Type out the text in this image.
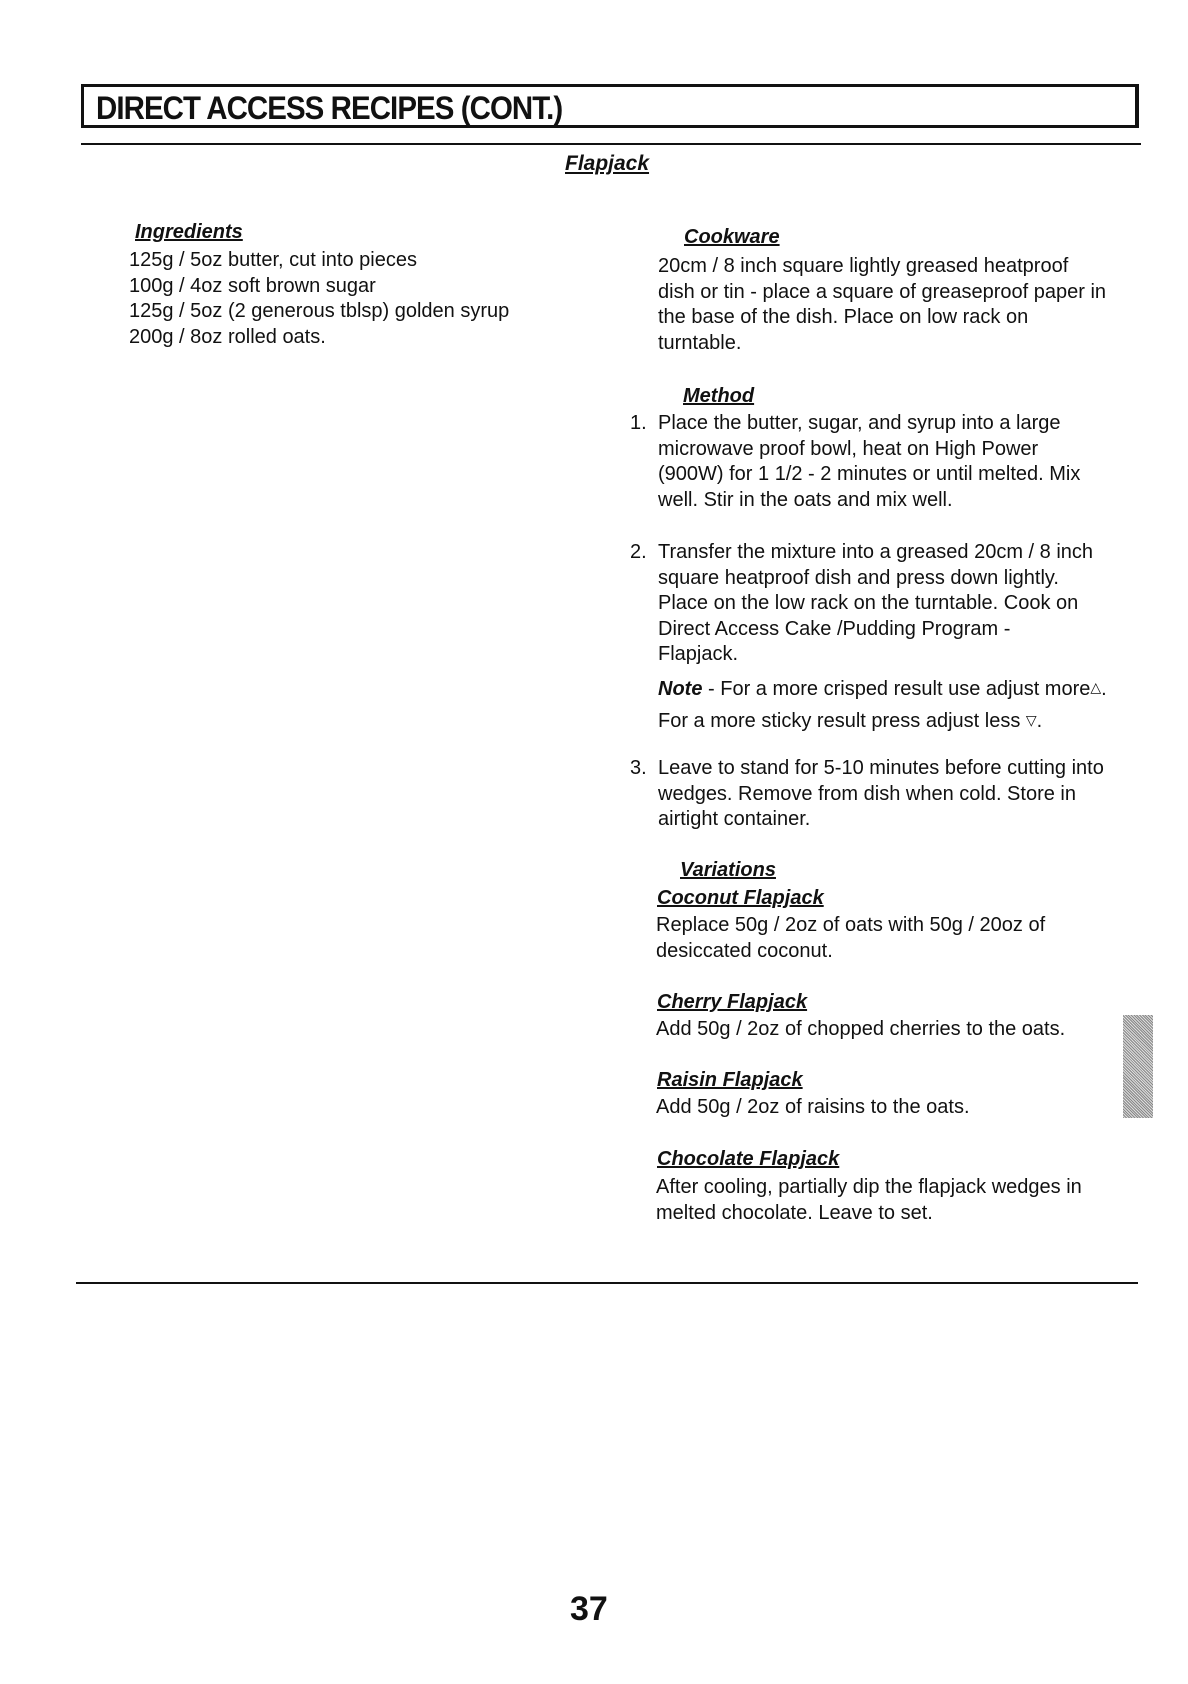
DIRECT ACCESS RECIPES (CONT.)
Flapjack
Ingredients
125g / 5oz butter, cut into pieces
100g / 4oz soft brown sugar
125g / 5oz (2 generous tblsp) golden syrup
200g / 8oz rolled oats.
Cookware
20cm / 8 inch square lightly greased heatproof
dish or tin - place a square of greaseproof paper in
the base of the dish. Place on low rack on
turntable.
Method
1. Place the butter, sugar, and syrup into a large
microwave proof bowl, heat on High Power
(900W) for 1 1/2 - 2 minutes or until melted. Mix
well. Stir in the oats and mix well.
2. Transfer the mixture into a greased 20cm / 8 inch
square heatproof dish and press down lightly.
Place on the low rack on the turntable. Cook on
Direct Access Cake /Pudding Program -
Flapjack.
Note - For a more crisped result use adjust more△.
For a more sticky result press adjust less ▽.
3. Leave to stand for 5-10 minutes before cutting into
wedges. Remove from dish when cold. Store in
airtight container.
Variations
Coconut Flapjack
Replace 50g / 2oz of oats with 50g / 20oz of
desiccated coconut.
Cherry Flapjack
Add 50g / 2oz of chopped cherries to the oats.
Raisin Flapjack
Add 50g / 2oz of raisins to the oats.
Chocolate Flapjack
After cooling, partially dip the flapjack wedges in
melted chocolate. Leave to set.
37
